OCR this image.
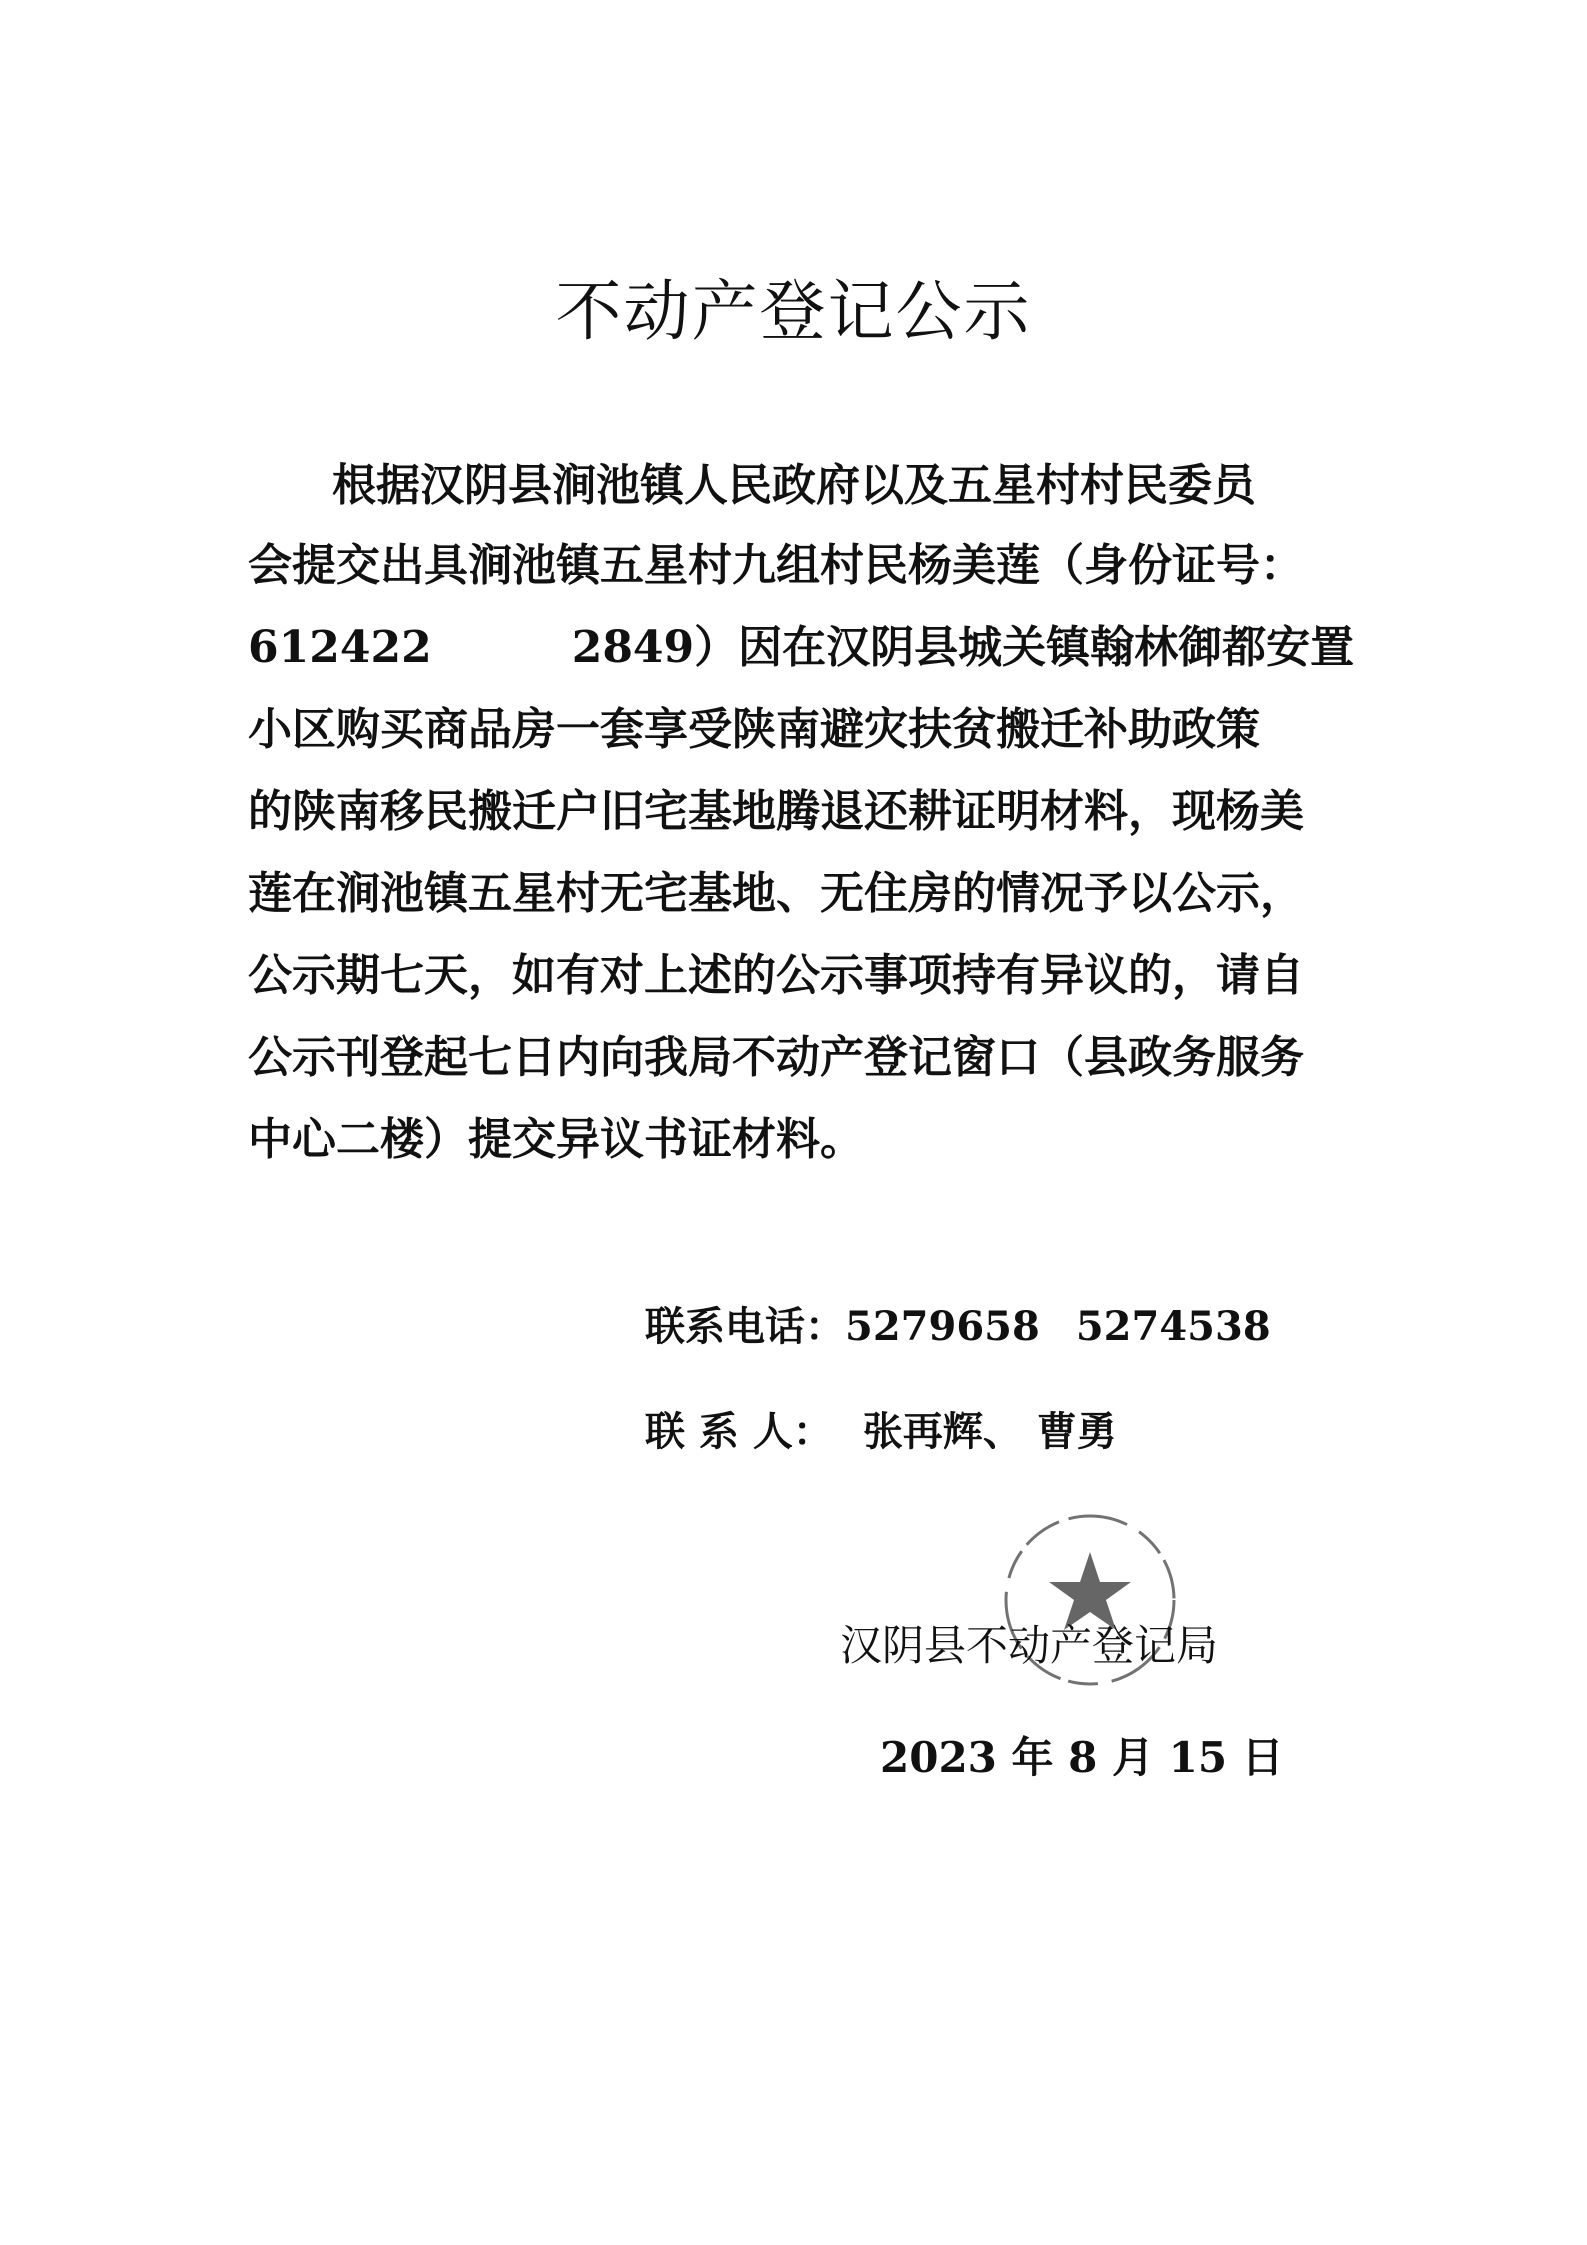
不动产登记公示
根据汉阴县涧池镇人民政府以及五星村村民委员
会提交出具涧池镇五星村九组村民杨美莲（身份证号：
612422	2849）因在汉阴县城关镇翰林御都安置
小区购买商品房一套享受陕南避灾扶贫搬迁补助政策
的陕南移民搬迁户旧宅基地腾退还耕证明材料，现杨美
莲在涧池镇五星村无宅基地、无住房的情况予以公示，
公示期七天，如有对上述的公示事项持有异议的，请自
公示刊登起七日内向我局不动产登记窗口（县政务服务
中心二楼）提交异议书证材料。
联系电话：5279658 5274538
联 系 人： 张再辉、 曹勇
汉阴县不动产登记局
2023 年 8 月 15 日
